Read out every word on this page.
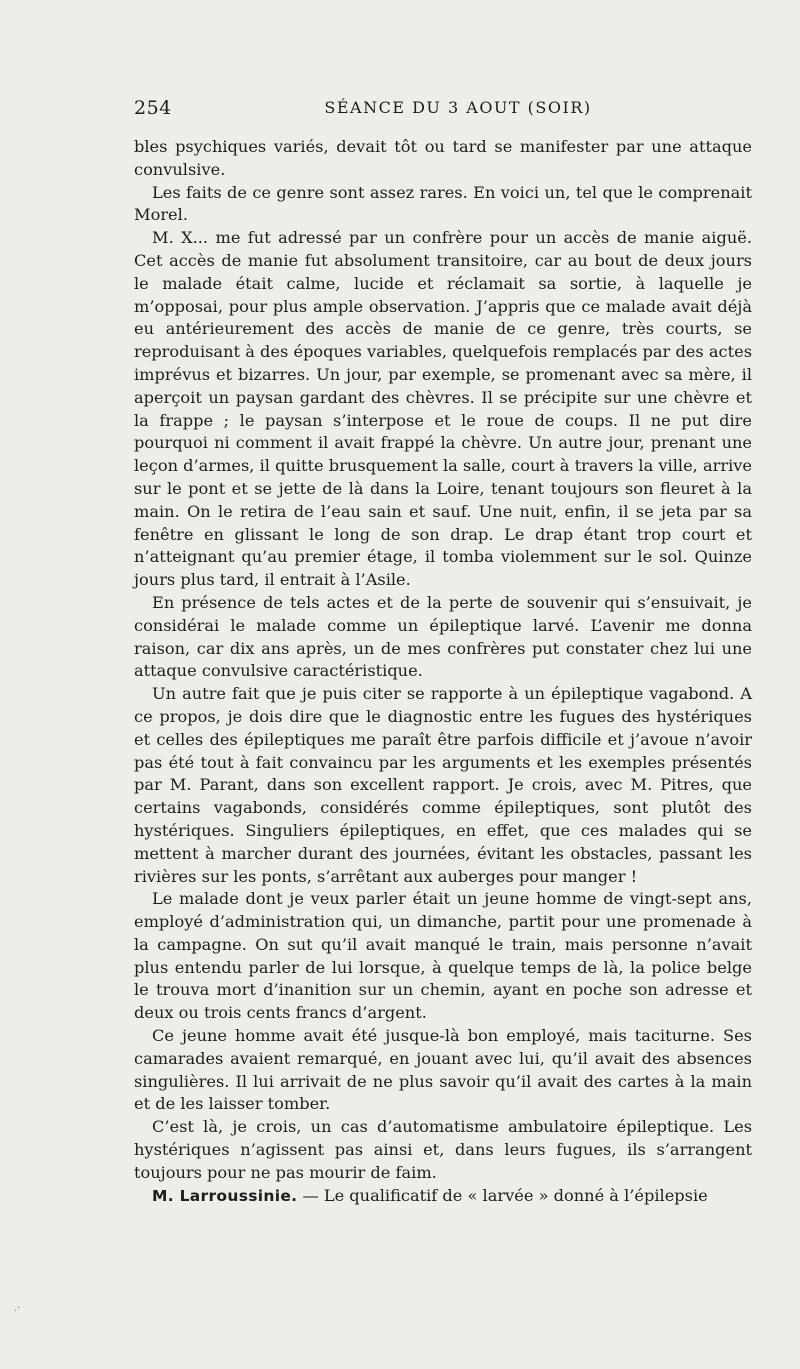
254	SÉANCE DU 3 AOUT (SOIR)

bles psychiques variés, devait tôt ou tard se manifester par une attaque convulsive.

Les faits de ce genre sont assez rares. En voici un, tel que le comprenait Morel.

M. X... me fut adressé par un confrère pour un accès de manie aiguë. Cet accès de manie fut absolument transitoire, car au bout de deux jours le malade était calme, lucide et réclamait sa sortie, à laquelle je m’opposai, pour plus ample observation. J’appris que ce malade avait déjà eu antérieurement des accès de manie de ce genre, très courts, se reproduisant à des époques variables, quelquefois remplacés par des actes imprévus et bizarres. Un jour, par exemple, se promenant avec sa mère, il aperçoit un paysan gardant des chèvres. Il se précipite sur une chèvre et la frappe ; le paysan s’interpose et le roue de coups. Il ne put dire pourquoi ni comment il avait frappé la chèvre. Un autre jour, prenant une leçon d’armes, il quitte brusquement la salle, court à travers la ville, arrive sur le pont et se jette de là dans la Loire, tenant toujours son fleuret à la main. On le retira de l’eau sain et sauf. Une nuit, enfin, il se jeta par sa fenêtre en glissant le long de son drap. Le drap étant trop court et n’atteignant qu’au premier étage, il tomba violemment sur le sol. Quinze jours plus tard, il entrait à l’Asile.

En présence de tels actes et de la perte de souvenir qui s’ensuivait, je considérai le malade comme un épileptique larvé. L’avenir me donna raison, car dix ans après, un de mes confrères put constater chez lui une attaque convulsive caractéristique.

Un autre fait que je puis citer se rapporte à un épileptique vagabond. A ce propos, je dois dire que le diagnostic entre les fugues des hystériques et celles des épileptiques me paraît être parfois difficile et j’avoue n’avoir pas été tout à fait convaincu par les arguments et les exemples présentés par M. Parant, dans son excellent rapport. Je crois, avec M. Pitres, que certains vagabonds, considérés comme épileptiques, sont plutôt des hystériques. Singuliers épileptiques, en effet, que ces malades qui se mettent à marcher durant des journées, évitant les obstacles, passant les rivières sur les ponts, s’arrêtant aux auberges pour manger !

Le malade dont je veux parler était un jeune homme de vingt-sept ans, employé d’administration qui, un dimanche, partit pour une promenade à la campagne. On sut qu’il avait manqué le train, mais personne n’avait plus entendu parler de lui lorsque, à quelque temps de là, la police belge le trouva mort d’inanition sur un chemin, ayant en poche son adresse et deux ou trois cents francs d’argent.

Ce jeune homme avait été jusque-là bon employé, mais taciturne. Ses camarades avaient remarqué, en jouant avec lui, qu’il avait des absences singulières. Il lui arrivait de ne plus savoir qu’il avait des cartes à la main et de les laisser tomber.

C’est là, je crois, un cas d’automatisme ambulatoire épileptique. Les hystériques n’agissent pas ainsi et, dans leurs fugues, ils s’arrangent toujours pour ne pas mourir de faim.

M. Larroussinie. — Le qualificatif de « larvée » donné à l’épilepsie

.·
